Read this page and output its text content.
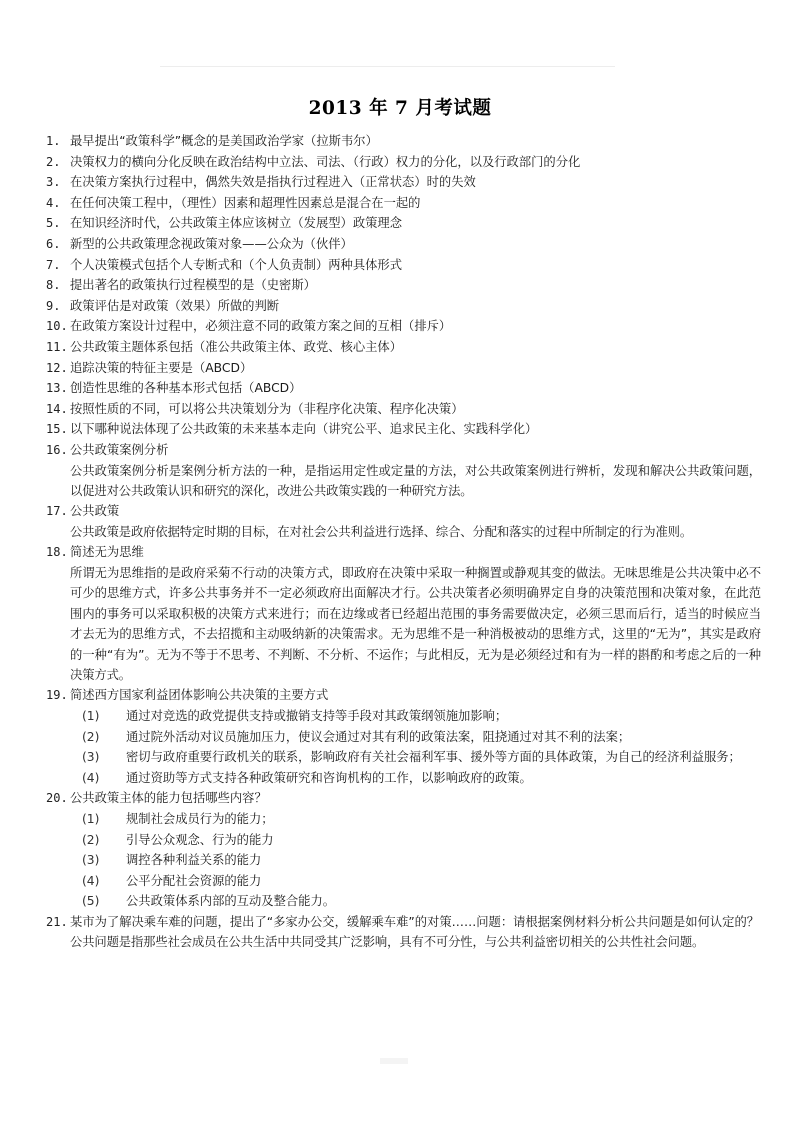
2013 年 7 月考试题
1. 最早提出“政策科学”概念的是美国政治学家（拉斯韦尔）
2. 决策权力的横向分化反映在政治结构中立法、司法、（行政）权力的分化，以及行政部门的分化
3. 在决策方案执行过程中，偶然失效是指执行过程进入（正常状态）时的失效
4. 在任何决策工程中，（理性）因素和超理性因素总是混合在一起的
5. 在知识经济时代，公共政策主体应该树立（发展型）政策理念
6. 新型的公共政策理念视政策对象——公众为（伙伴）
7. 个人决策模式包括个人专断式和（个人负责制）两种具体形式
8. 提出著名的政策执行过程模型的是（史密斯）
9. 政策评估是对政策（效果）所做的判断
10. 在政策方案设计过程中，必须注意不同的政策方案之间的互相（排斥）
11. 公共政策主题体系包括（准公共政策主体、政党、核心主体）
12. 追踪决策的特征主要是（ABCD）
13. 创造性思维的各种基本形式包括（ABCD）
14. 按照性质的不同，可以将公共决策划分为（非程序化决策、程序化决策）
15. 以下哪种说法体现了公共政策的未来基本走向（讲究公平、追求民主化、实践科学化）
16. 公共政策案例分析
公共政策案例分析是案例分析方法的一种，是指运用定性或定量的方法，对公共政策案例进行辨析，发现和解决公共政策问题，以促进对公共政策认识和研究的深化，改进公共政策实践的一种研究方法。
17. 公共政策
公共政策是政府依据特定时期的目标，在对社会公共利益进行选择、综合、分配和落实的过程中所制定的行为准则。
18. 简述无为思维
所谓无为思维指的是政府采菊不行动的决策方式，即政府在决策中采取一种搁置或静观其变的做法。无味思维是公共决策中必不可少的思维方式，许多公共事务并不一定必须政府出面解决才行。公共决策者必须明确界定自身的决策范围和决策对象，在此范围内的事务可以采取积极的决策方式来进行；而在边缘或者已经超出范围的事务需要做决定，必须三思而后行，适当的时候应当才去无为的思维方式，不去招揽和主动吸纳新的决策需求。无为思维不是一种消极被动的思维方式，这里的“无为”，其实是政府的一种“有为”。无为不等于不思考、不判断、不分析、不运作；与此相反，无为是必须经过和有为一样的斟酌和考虑之后的一种决策方式。
19. 简述西方国家利益团体影响公共决策的主要方式
(1) 通过对竞选的政党提供支持或撤销支持等手段对其政策纲领施加影响；
(2) 通过院外活动对议员施加压力，使议会通过对其有利的政策法案，阻挠通过对其不利的法案；
(3) 密切与政府重要行政机关的联系，影响政府有关社会福利军事、援外等方面的具体政策，为自己的经济利益服务；
(4) 通过资助等方式支持各种政策研究和咨询机构的工作，以影响政府的政策。
20. 公共政策主体的能力包括哪些内容？
(1) 规制社会成员行为的能力；
(2) 引导公众观念、行为的能力
(3) 调控各种利益关系的能力
(4) 公平分配社会资源的能力
(5) 公共政策体系内部的互动及整合能力。
21. 某市为了解决乘车难的问题，提出了“多家办公交，缓解乘车难”的对策……问题：请根据案例材料分析公共问题是如何认定的？
公共问题是指那些社会成员在公共生活中共同受其广泛影响，具有不可分性，与公共利益密切相关的公共性社会问题。
